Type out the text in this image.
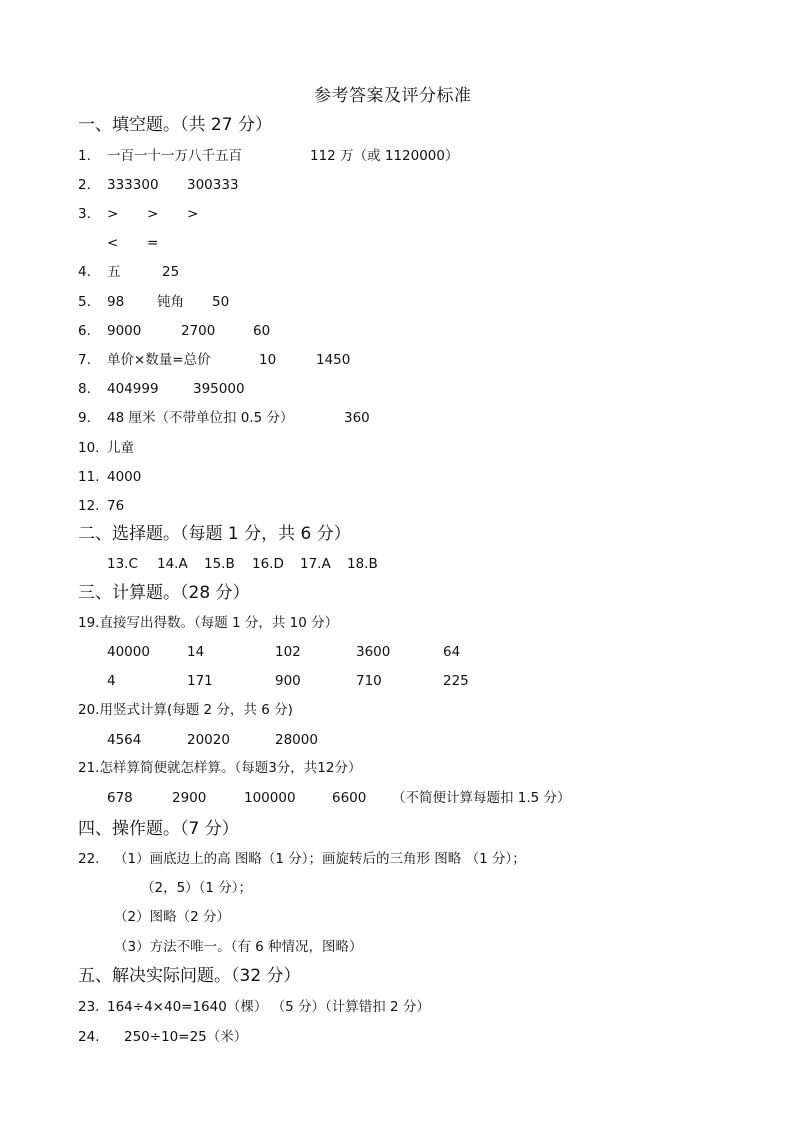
参考答案及评分标准
一、填空题。（共 27 分）
1. 一百一十一万八千五百	112 万（或 1120000）
2. 333300 300333
3. > > >
< =
4. 五	25
5. 98 钝角 50
6. 9000	2700	60
7. 单价×数量=总价	10	1450
8. 404999	395000
9. 48 厘米（不带单位扣 0.5 分）	360
10. 儿童
11. 4000
12. 76
二、选择题。（每题 1 分，共 6 分）
13.C 14.A 15.B 16.D 17.A 18.B
三、计算题。（28 分）
19.直接写出得数。（每题 1 分，共 10 分）
40000	14	102	3600	64
4	171	900	710	225
20.用竖式计算(每题 2 分，共 6 分)
4564	20020	28000
21.怎样算简便就怎样算。（每题3分，共12分）
678	2900	100000	6600 （不简便计算每题扣 1.5 分）
四、操作题。（7 分）
22. （1）画底边上的高 图略（1 分）；画旋转后的三角形 图略 （1 分）；
（2，5）（1 分）；
（2）图略（2 分）
（3）方法不唯一。（有 6 种情况，图略）
五、解决实际问题。（32 分）
23. 164÷4×40=1640（棵） （5 分）（计算错扣 2 分）
24. 250÷10=25（米）
